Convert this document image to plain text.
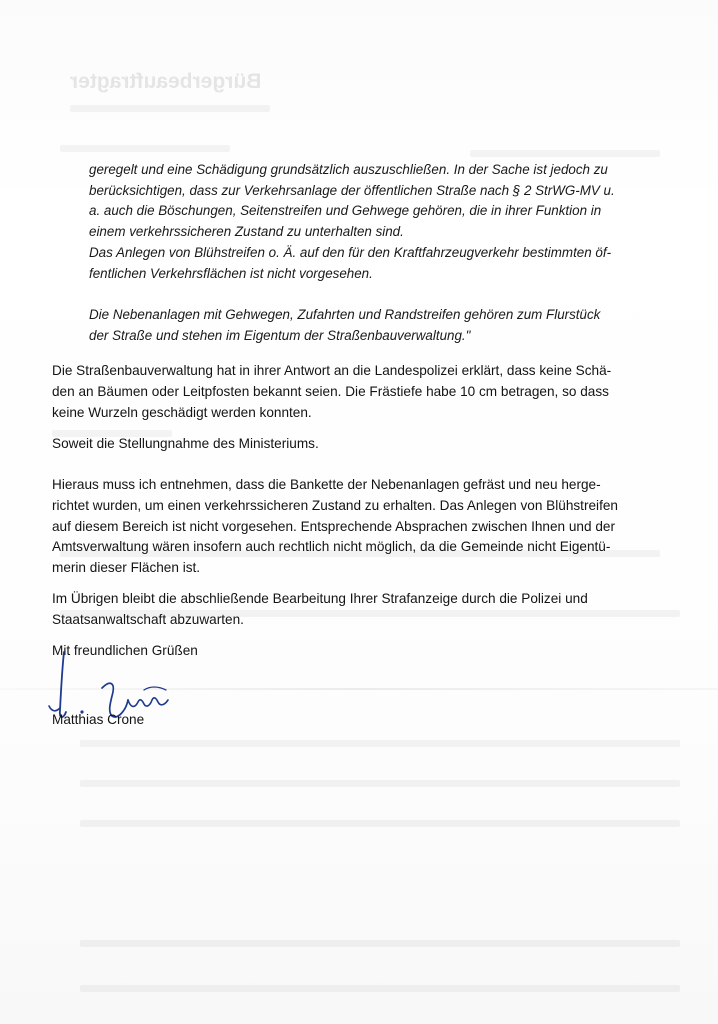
Bürgerbeauftragter
geregelt und eine Schädigung grundsätzlich auszuschließen. In der Sache ist jedoch zu
berücksichtigen, dass zur Verkehrsanlage der öffentlichen Straße nach § 2 StrWG-MV u.
a. auch die Böschungen, Seitenstreifen und Gehwege gehören, die in ihrer Funktion in
einem verkehrssicheren Zustand zu unterhalten sind.
Das Anlegen von Blühstreifen o. Ä. auf den für den Kraftfahrzeugverkehr bestimmten öf-
fentlichen Verkehrsflächen ist nicht vorgesehen.
Die Nebenanlagen mit Gehwegen, Zufahrten und Randstreifen gehören zum Flurstück
der Straße und stehen im Eigentum der Straßenbauverwaltung."
Die Straßenbauverwaltung hat in ihrer Antwort an die Landespolizei erklärt, dass keine Schä-
den an Bäumen oder Leitpfosten bekannt seien. Die Frästiefe habe 10 cm betragen, so dass
keine Wurzeln geschädigt werden konnten.
Soweit die Stellungnahme des Ministeriums.
Hieraus muss ich entnehmen, dass die Bankette der Nebenanlagen gefräst und neu herge-
richtet wurden, um einen verkehrssicheren Zustand zu erhalten. Das Anlegen von Blühstreifen
auf diesem Bereich ist nicht vorgesehen. Entsprechende Absprachen zwischen Ihnen und der
Amtsverwaltung wären insofern auch rechtlich nicht möglich, da die Gemeinde nicht Eigentü-
merin dieser Flächen ist.
Im Übrigen bleibt die abschließende Bearbeitung Ihrer Strafanzeige durch die Polizei und
Staatsanwaltschaft abzuwarten.
Mit freundlichen Grüßen
Matthias Crone
